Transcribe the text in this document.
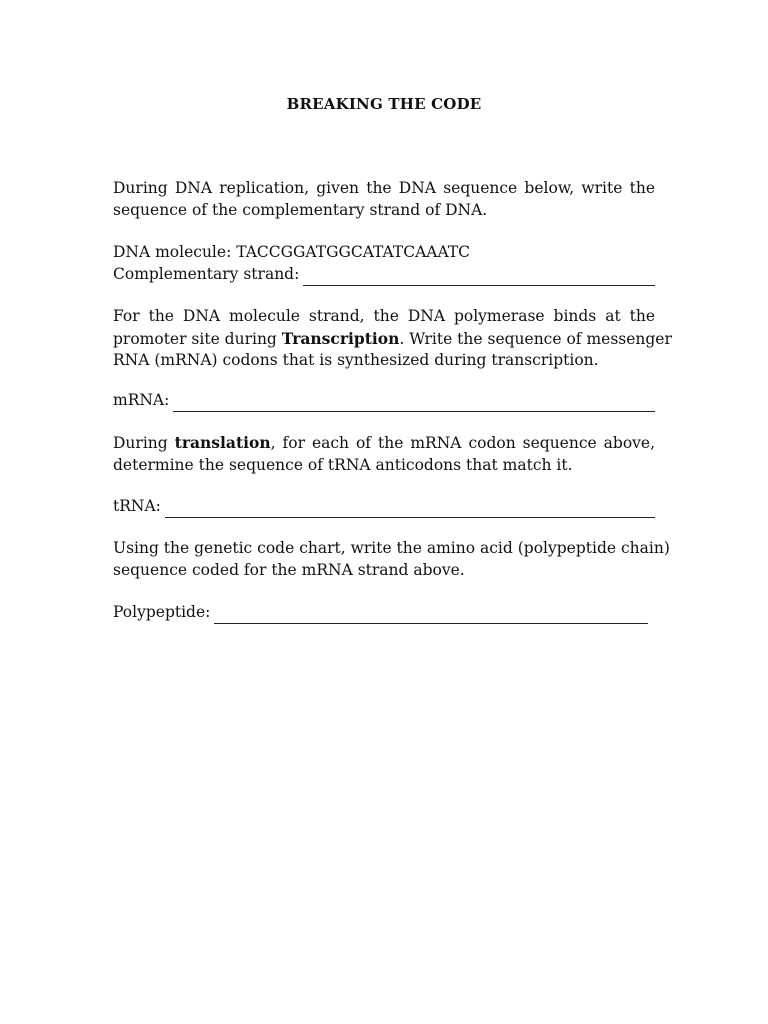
BREAKING THE CODE
During DNA replication, given the DNA sequence below, write the
sequence of the complementary strand of DNA.
DNA molecule: TACCGGATGGCATATCAAATC
Complementary strand:
For the DNA molecule strand, the DNA polymerase binds at the
promoter site during Transcription. Write the sequence of messenger
RNA (mRNA) codons that is synthesized during transcription.
mRNA:
During translation, for each of the mRNA codon sequence above,
determine the sequence of tRNA anticodons that match it.
tRNA:
Using the genetic code chart, write the amino acid (polypeptide chain)
sequence coded for the mRNA strand above.
Polypeptide:
